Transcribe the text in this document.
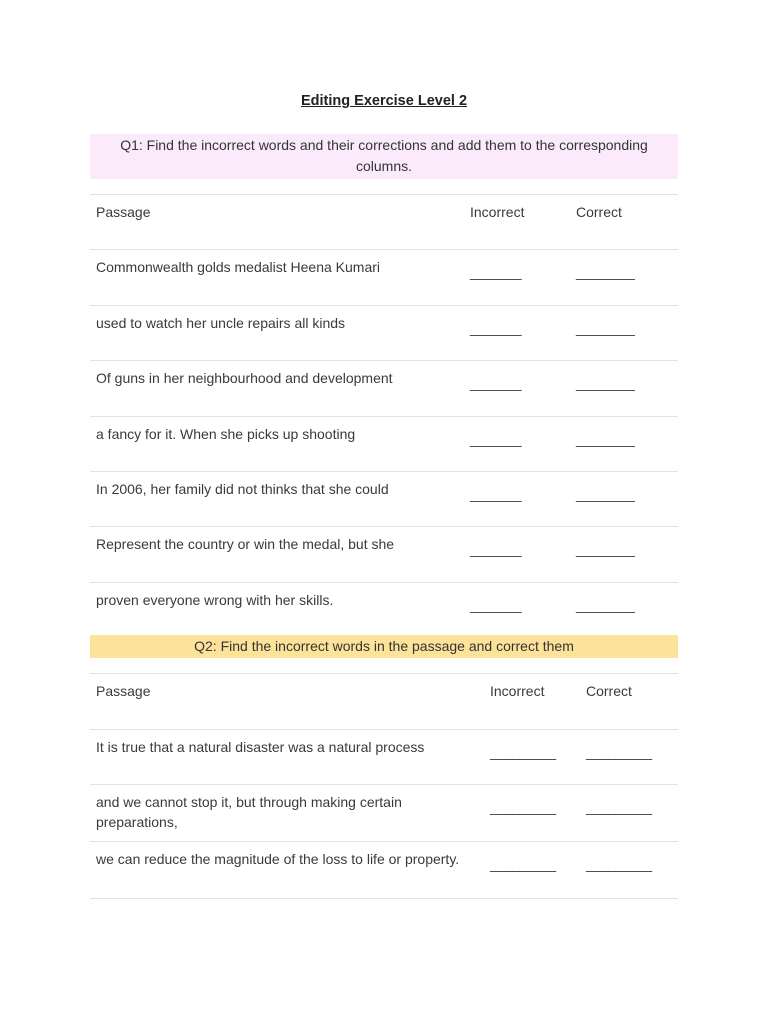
Editing Exercise Level 2
Q1: Find the incorrect words and their corrections and add them to the corresponding columns.
Passage	Incorrect	Correct
Commonwealth golds medalist Heena Kumari	_______	________
used to watch her uncle repairs all kinds	_______	________
Of guns in her neighbourhood and development	_______	________
a fancy for it. When she picks up shooting	_______	________
In 2006, her family did not thinks that she could	_______	________
Represent the country or win the medal, but she	_______	________
proven everyone wrong with her skills.	_______	________
Q2: Find the incorrect words in the passage and correct them
Passage	Incorrect	Correct
It is true that a natural disaster was a natural process	_________	_________
and we cannot stop it, but through making certain preparations,	_________	_________
we can reduce the magnitude of the loss to life or property.	_________	_________
